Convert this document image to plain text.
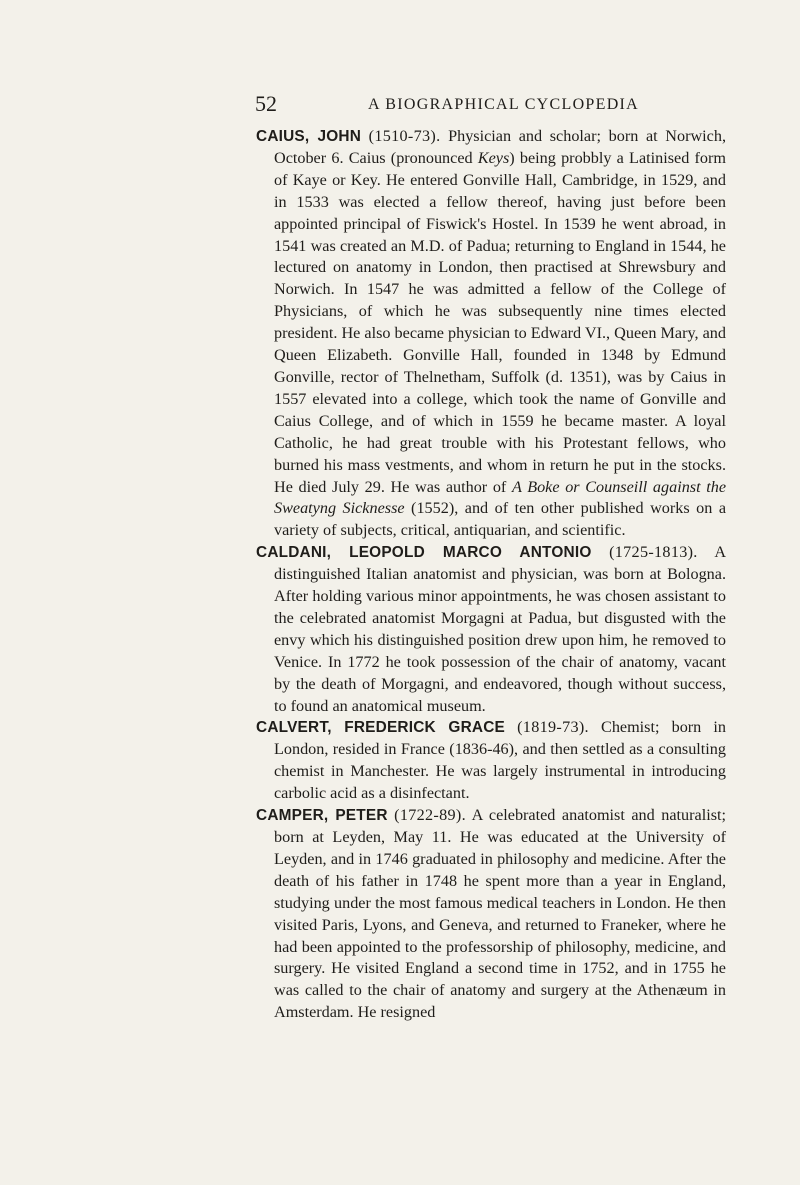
52	A BIOGRAPHICAL CYCLOPEDIA

CAIUS, JOHN (1510-73). Physician and scholar; born at Norwich, October 6. Caius (pronounced Keys) being probbly a Latinised form of Kaye or Key. He entered Gonville Hall, Cambridge, in 1529, and in 1533 was elected a fellow thereof, having just before been appointed principal of Fiswick's Hostel. In 1539 he went abroad, in 1541 was created an M.D. of Padua; returning to England in 1544, he lectured on anatomy in London, then practised at Shrewsbury and Norwich. In 1547 he was admitted a fellow of the College of Physicians, of which he was subsequently nine times elected president. He also became physician to Edward VI., Queen Mary, and Queen Elizabeth. Gonville Hall, founded in 1348 by Edmund Gonville, rector of Thelnetham, Suffolk (d. 1351), was by Caius in 1557 elevated into a college, which took the name of Gonville and Caius College, and of which in 1559 he became master. A loyal Catholic, he had great trouble with his Protestant fellows, who burned his mass vestments, and whom in return he put in the stocks. He died July 29. He was author of A Boke or Counseill against the Sweatyng Sicknesse (1552), and of ten other published works on a variety of subjects, critical, antiquarian, and scientific.

CALDANI, LEOPOLD MARCO ANTONIO (1725-1813). A distinguished Italian anatomist and physician, was born at Bologna. After holding various minor appointments, he was chosen assistant to the celebrated anatomist Morgagni at Padua, but disgusted with the envy which his distinguished position drew upon him, he removed to Venice. In 1772 he took possession of the chair of anatomy, vacant by the death of Morgagni, and endeavored, though without success, to found an anatomical museum.

CALVERT, FREDERICK GRACE (1819-73). Chemist; born in London, resided in France (1836-46), and then settled as a consulting chemist in Manchester. He was largely instrumental in introducing carbolic acid as a disinfectant.

CAMPER, PETER (1722-89). A celebrated anatomist and naturalist; born at Leyden, May 11. He was educated at the University of Leyden, and in 1746 graduated in philosophy and medicine. After the death of his father in 1748 he spent more than a year in England, studying under the most famous medical teachers in London. He then visited Paris, Lyons, and Geneva, and returned to Franeker, where he had been appointed to the professorship of philosophy, medicine, and surgery. He visited England a second time in 1752, and in 1755 he was called to the chair of anatomy and surgery at the Athenæum in Amsterdam. He resigned
